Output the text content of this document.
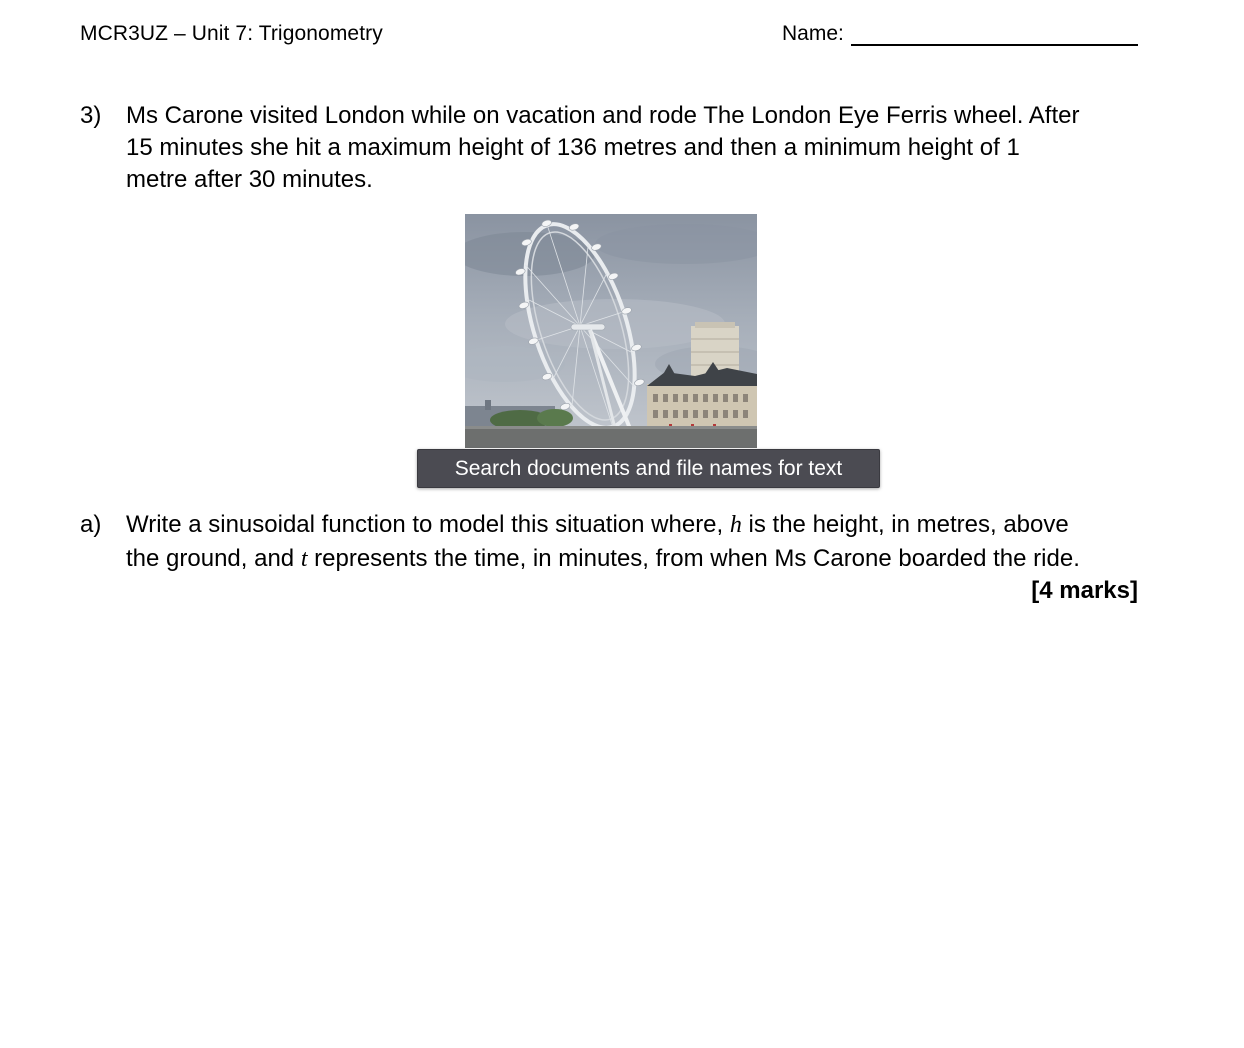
MCR3UZ – Unit 7: Trigonometry	Name:
3) Ms Carone visited London while on vacation and rode The London Eye Ferris wheel. After 15 minutes she hit a maximum height of 136 metres and then a minimum height of 1 metre after 30 minutes.
Search documents and file names for text
a) Write a sinusoidal function to model this situation where, h is the height, in metres, above the ground, and t represents the time, in minutes, from when Ms Carone boarded the ride.
[4 marks]
